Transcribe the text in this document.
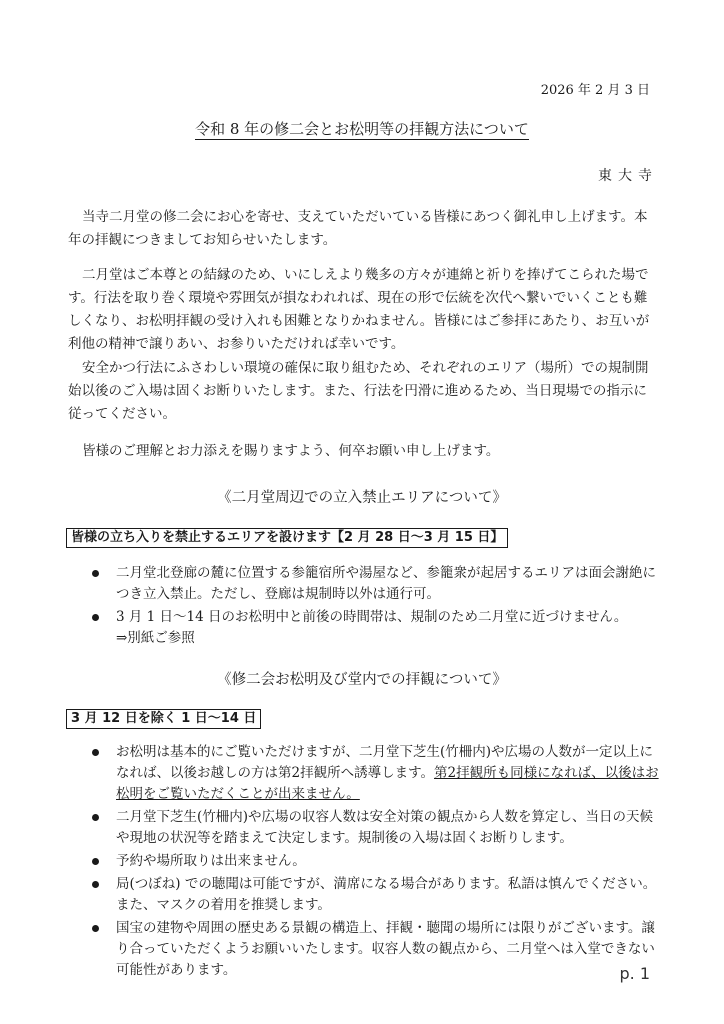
2026 年 2 月 3 日
令和 8 年の修二会とお松明等の拝観方法について
東大寺

当寺二月堂の修二会にお心を寄せ、支えていただいている皆様にあつく御礼申し上げます。本年の拝観につきましてお知らせいたします。

二月堂はご本尊との結縁のため、いにしえより幾多の方々が連綿と祈りを捧げてこられた場です。行法を取り巻く環境や雰囲気が損なわれれば、現在の形で伝統を次代へ繋いでいくことも難しくなり、お松明拝観の受け入れも困難となりかねません。皆様にはご参拝にあたり、お互いが利他の精神で譲りあい、お参りいただければ幸いです。

安全かつ行法にふさわしい環境の確保に取り組むため、それぞれのエリア（場所）での規制開始以後のご入場は固くお断りいたします。また、行法を円滑に進めるため、当日現場での指示に従ってください。

皆様のご理解とお力添えを賜りますよう、何卒お願い申し上げます。

《二月堂周辺での立入禁止エリアについて》
皆様の立ち入りを禁止するエリアを設けます【2 月 28 日～3 月 15 日】
二月堂北登廊の麓に位置する参籠宿所や湯屋など、参籠衆が起居するエリアは面会謝絶につき立入禁止。ただし、登廊は規制時以外は通行可。
3 月 1 日～14 日のお松明中と前後の時間帯は、規制のため二月堂に近づけません。
⇒別紙ご参照
《修二会お松明及び堂内での拝観について》
3 月 12 日を除く 1 日～14 日
お松明は基本的にご覧いただけますが、二月堂下芝生(竹柵内)や広場の人数が一定以上になれば、以後お越しの方は第2拝観所へ誘導します。第2拝観所も同様になれば、以後はお松明をご覧いただくことが出来ません。
二月堂下芝生(竹柵内)や広場の収容人数は安全対策の観点から人数を算定し、当日の天候や現地の状況等を踏まえて決定します。規制後の入場は固くお断りします。
予約や場所取りは出来ません。
局(つぼね) での聴聞は可能ですが、満席になる場合があります。私語は慎んでください。また、マスクの着用を推奨します。
国宝の建物や周囲の歴史ある景観の構造上、拝観・聴聞の場所には限りがございます。譲り合っていただくようお願いいたします。収容人数の観点から、二月堂へは入堂できない可能性があります。	p. 1
